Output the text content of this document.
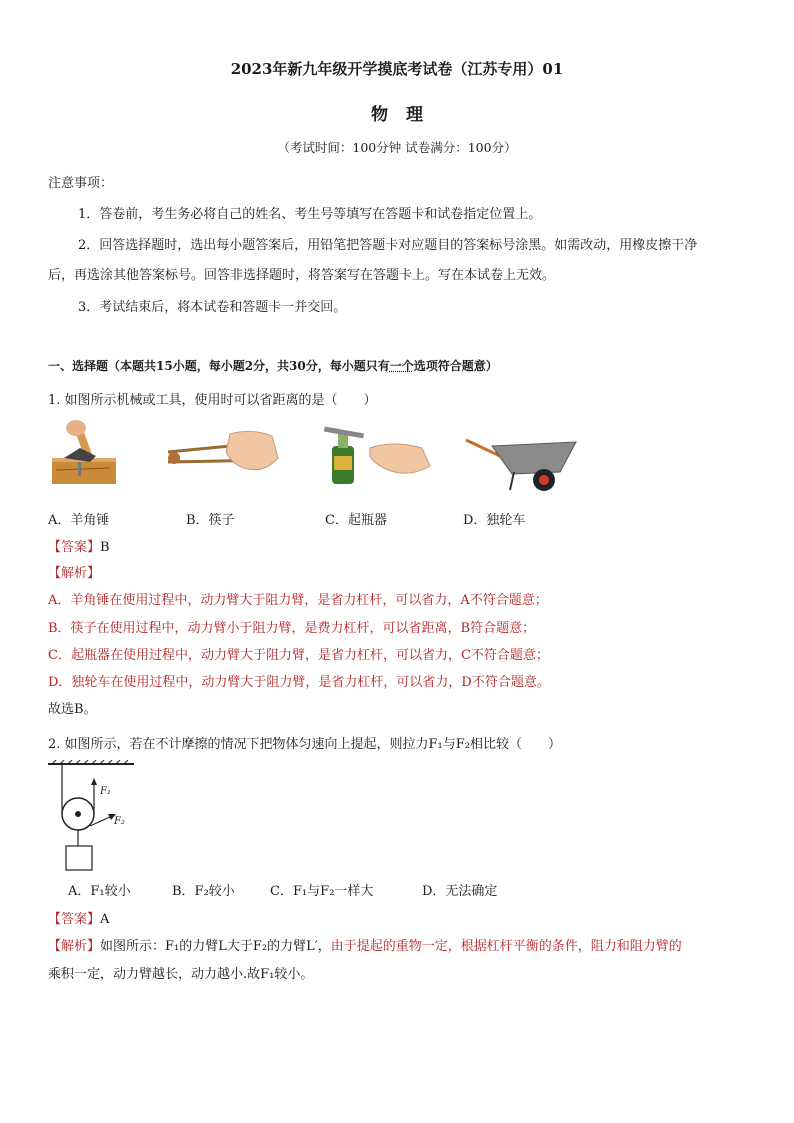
2023年新九年级开学摸底考试卷（江苏专用）01
物理
（考试时间：100分钟 试卷满分：100分）
注意事项：
1．答卷前，考生务必将自己的姓名、考生号等填写在答题卡和试卷指定位置上。
2．回答选择题时，选出每小题答案后，用铅笔把答题卡对应题目的答案标号涂黑。如需改动，用橡皮擦干净
后，再选涂其他答案标号。回答非选择题时，将答案写在答题卡上。写在本试卷上无效。
3．考试结束后，将本试卷和答题卡一并交回。
一、选择题（本题共15小题，每小题2分，共30分，每小题只有一个选项符合题意）
1. 如图所示机械或工具，使用时可以省距离的是（　　）
A．羊角锤	B．筷子	C．起瓶器	D．独轮车
【答案】B
【解析】
A．羊角锤在使用过程中，动力臂大于阻力臂，是省力杠杆，可以省力，A不符合题意；
B．筷子在使用过程中，动力臂小于阻力臂，是费力杠杆，可以省距离，B符合题意；
C．起瓶器在使用过程中，动力臂大于阻力臂，是省力杠杆，可以省力，C不符合题意；
D．独轮车在使用过程中，动力臂大于阻力臂，是省力杠杆，可以省力，D不符合题意。
故选B。
2. 如图所示，若在不计摩擦的情况下把物体匀速向上提起，则拉力F₁与F₂相比较（　　）
F₁
F₂
A．F₁较小	B．F₂较小	C．F₁与F₂一样大	D．无法确定
【答案】A
【解析】如图所示：F₁的力臂L大于F₂的力臂L′，由于提起的重物一定，根据杠杆平衡的条件，阻力和阻力臂的
乘积一定，动力臂越长，动力越小.故F₁较小。
